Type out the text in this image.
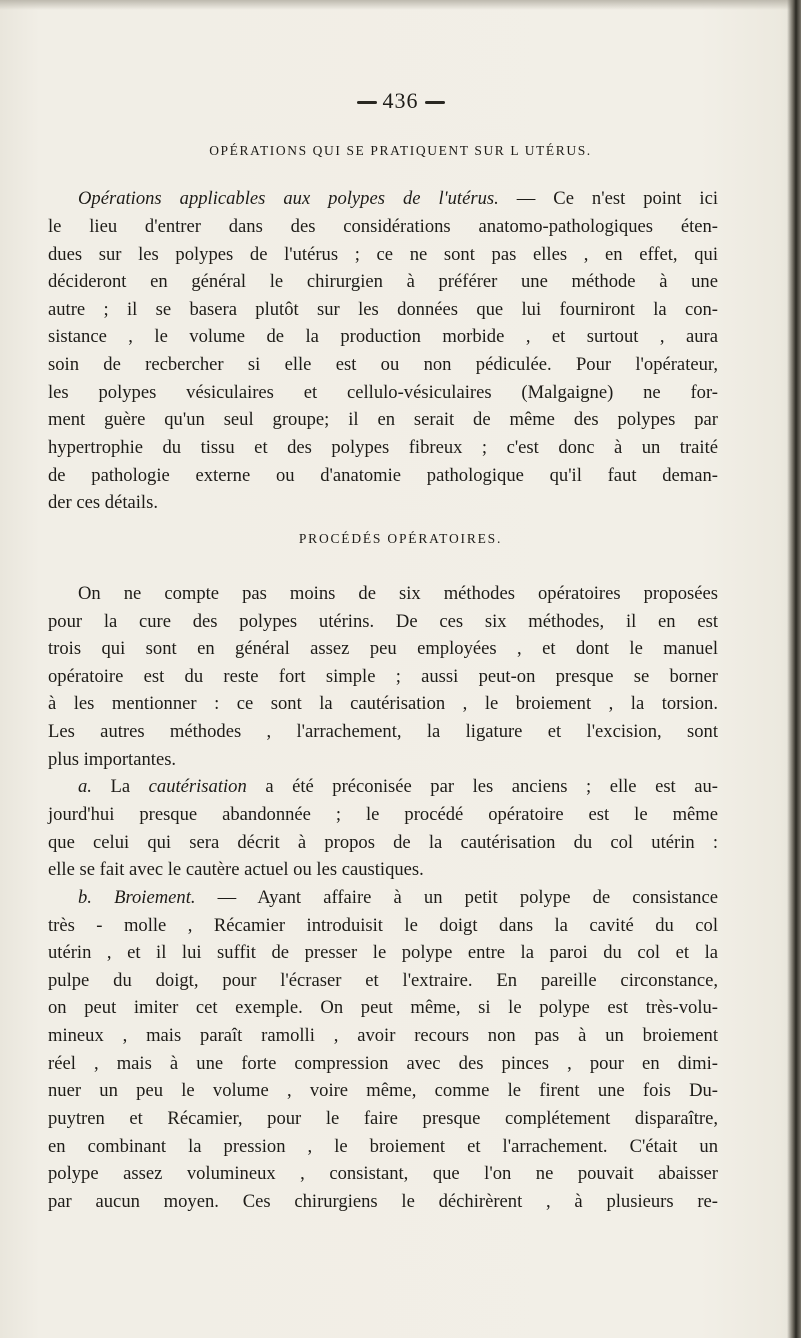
436
OPÉRATIONS QUI SE PRATIQUENT SUR L UTÉRUS.
Opérations applicables aux polypes de l'utérus. — Ce n'est point ici
le lieu d'entrer dans des considérations anatomo-pathologiques éten-
dues sur les polypes de l'utérus ; ce ne sont pas elles , en effet, qui
décideront en général le chirurgien à préférer une méthode à une
autre ; il se basera plutôt sur les données que lui fourniront la con-
sistance , le volume de la production morbide , et surtout , aura
soin de recbercher si elle est ou non pédiculée. Pour l'opérateur,
les polypes vésiculaires et cellulo-vésiculaires (Malgaigne) ne for-
ment guère qu'un seul groupe; il en serait de même des polypes par
hypertrophie du tissu et des polypes fibreux ; c'est donc à un traité
de pathologie externe ou d'anatomie pathologique qu'il faut deman-
der ces détails.
On ne compte pas moins de six méthodes opératoires proposées
pour la cure des polypes utérins. De ces six méthodes, il en est
trois qui sont en général assez peu employées , et dont le manuel
opératoire est du reste fort simple ; aussi peut-on presque se borner
à les mentionner : ce sont la cautérisation , le broiement , la torsion.
Les autres méthodes , l'arrachement, la ligature et l'excision, sont
plus importantes.
a. La cautérisation a été préconisée par les anciens ; elle est au-
jourd'hui presque abandonnée ; le procédé opératoire est le même
que celui qui sera décrit à propos de la cautérisation du col utérin :
elle se fait avec le cautère actuel ou les caustiques.
b. Broiement. — Ayant affaire à un petit polype de consistance
très - molle , Récamier introduisit le doigt dans la cavité du col
utérin , et il lui suffit de presser le polype entre la paroi du col et la
pulpe du doigt, pour l'écraser et l'extraire. En pareille circonstance,
on peut imiter cet exemple. On peut même, si le polype est très-volu-
mineux , mais paraît ramolli , avoir recours non pas à un broiement
réel , mais à une forte compression avec des pinces , pour en dimi-
nuer un peu le volume , voire même, comme le firent une fois Du-
puytren et Récamier, pour le faire presque complétement disparaître,
en combinant la pression , le broiement et l'arrachement. C'était un
polype assez volumineux , consistant, que l'on ne pouvait abaisser
par aucun moyen. Ces chirurgiens le déchirèrent , à plusieurs re-
PROCÉDÉS OPÉRATOIRES.
